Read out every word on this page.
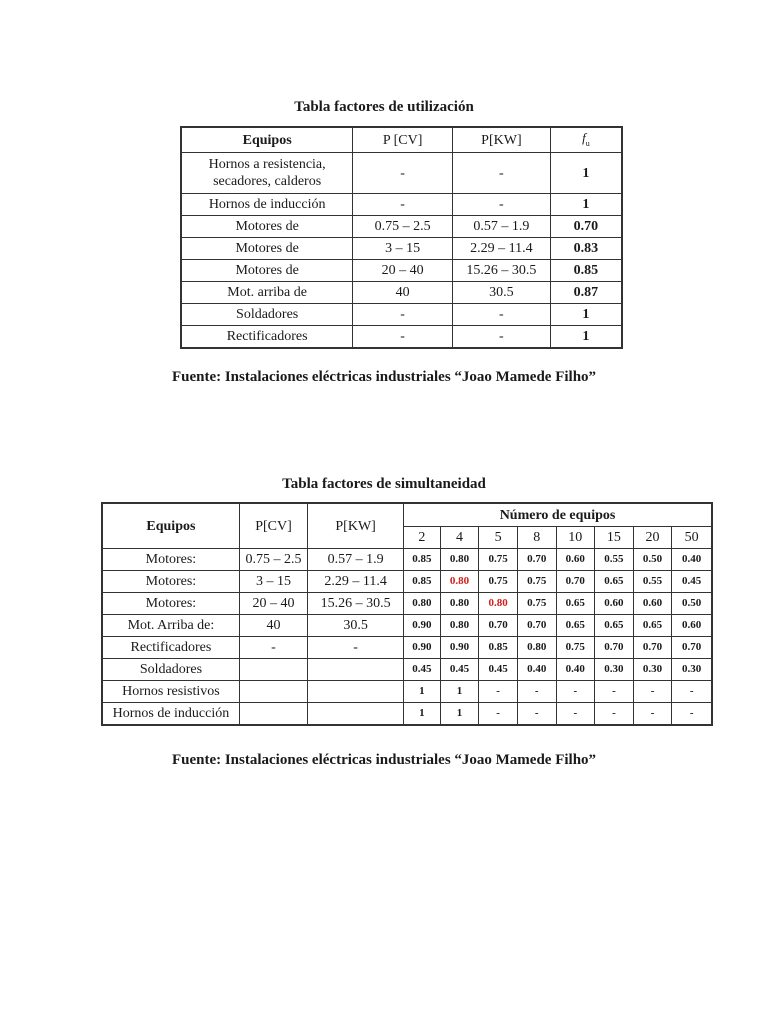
Tabla factores de utilización
Equipos	P [CV]	P[KW]	$f_u$
Hornos a resistencia, secadores, calderos	-	-	1
Hornos de inducción	-	-	1
Motores de	0.75 – 2.5	0.57 – 1.9	0.70
Motores de	3 – 15	2.29 – 11.4	0.83
Motores de	20 – 40	15.26 – 30.5	0.85
Mot. arriba de	40	30.5	0.87
Soldadores	-	-	1
Rectificadores	-	-	1
Fuente: Instalaciones eléctricas industriales “Joao Mamede Filho”
Tabla factores de simultaneidad
Equipos	P[CV]	P[KW]	Número de equipos							
			2	4	5	8	10	15	20	50
Motores:	0.75 – 2.5	0.57 – 1.9	0.85	0.80	0.75	0.70	0.60	0.55	0.50	0.40
Motores:	3 – 15	2.29 – 11.4	0.85	0.80	0.75	0.75	0.70	0.65	0.55	0.45
Motores:	20 – 40	15.26 – 30.5	0.80	0.80	0.80	0.75	0.65	0.60	0.60	0.50
Mot. Arriba de:	40	30.5	0.90	0.80	0.70	0.70	0.65	0.65	0.65	0.60
Rectificadores	-	-	0.90	0.90	0.85	0.80	0.75	0.70	0.70	0.70
Soldadores			0.45	0.45	0.45	0.40	0.40	0.30	0.30	0.30
Hornos resistivos			1	1	-	-	-	-	-	-
Hornos de inducción			1	1	-	-	-	-	-	-
Fuente: Instalaciones eléctricas industriales “Joao Mamede Filho”
